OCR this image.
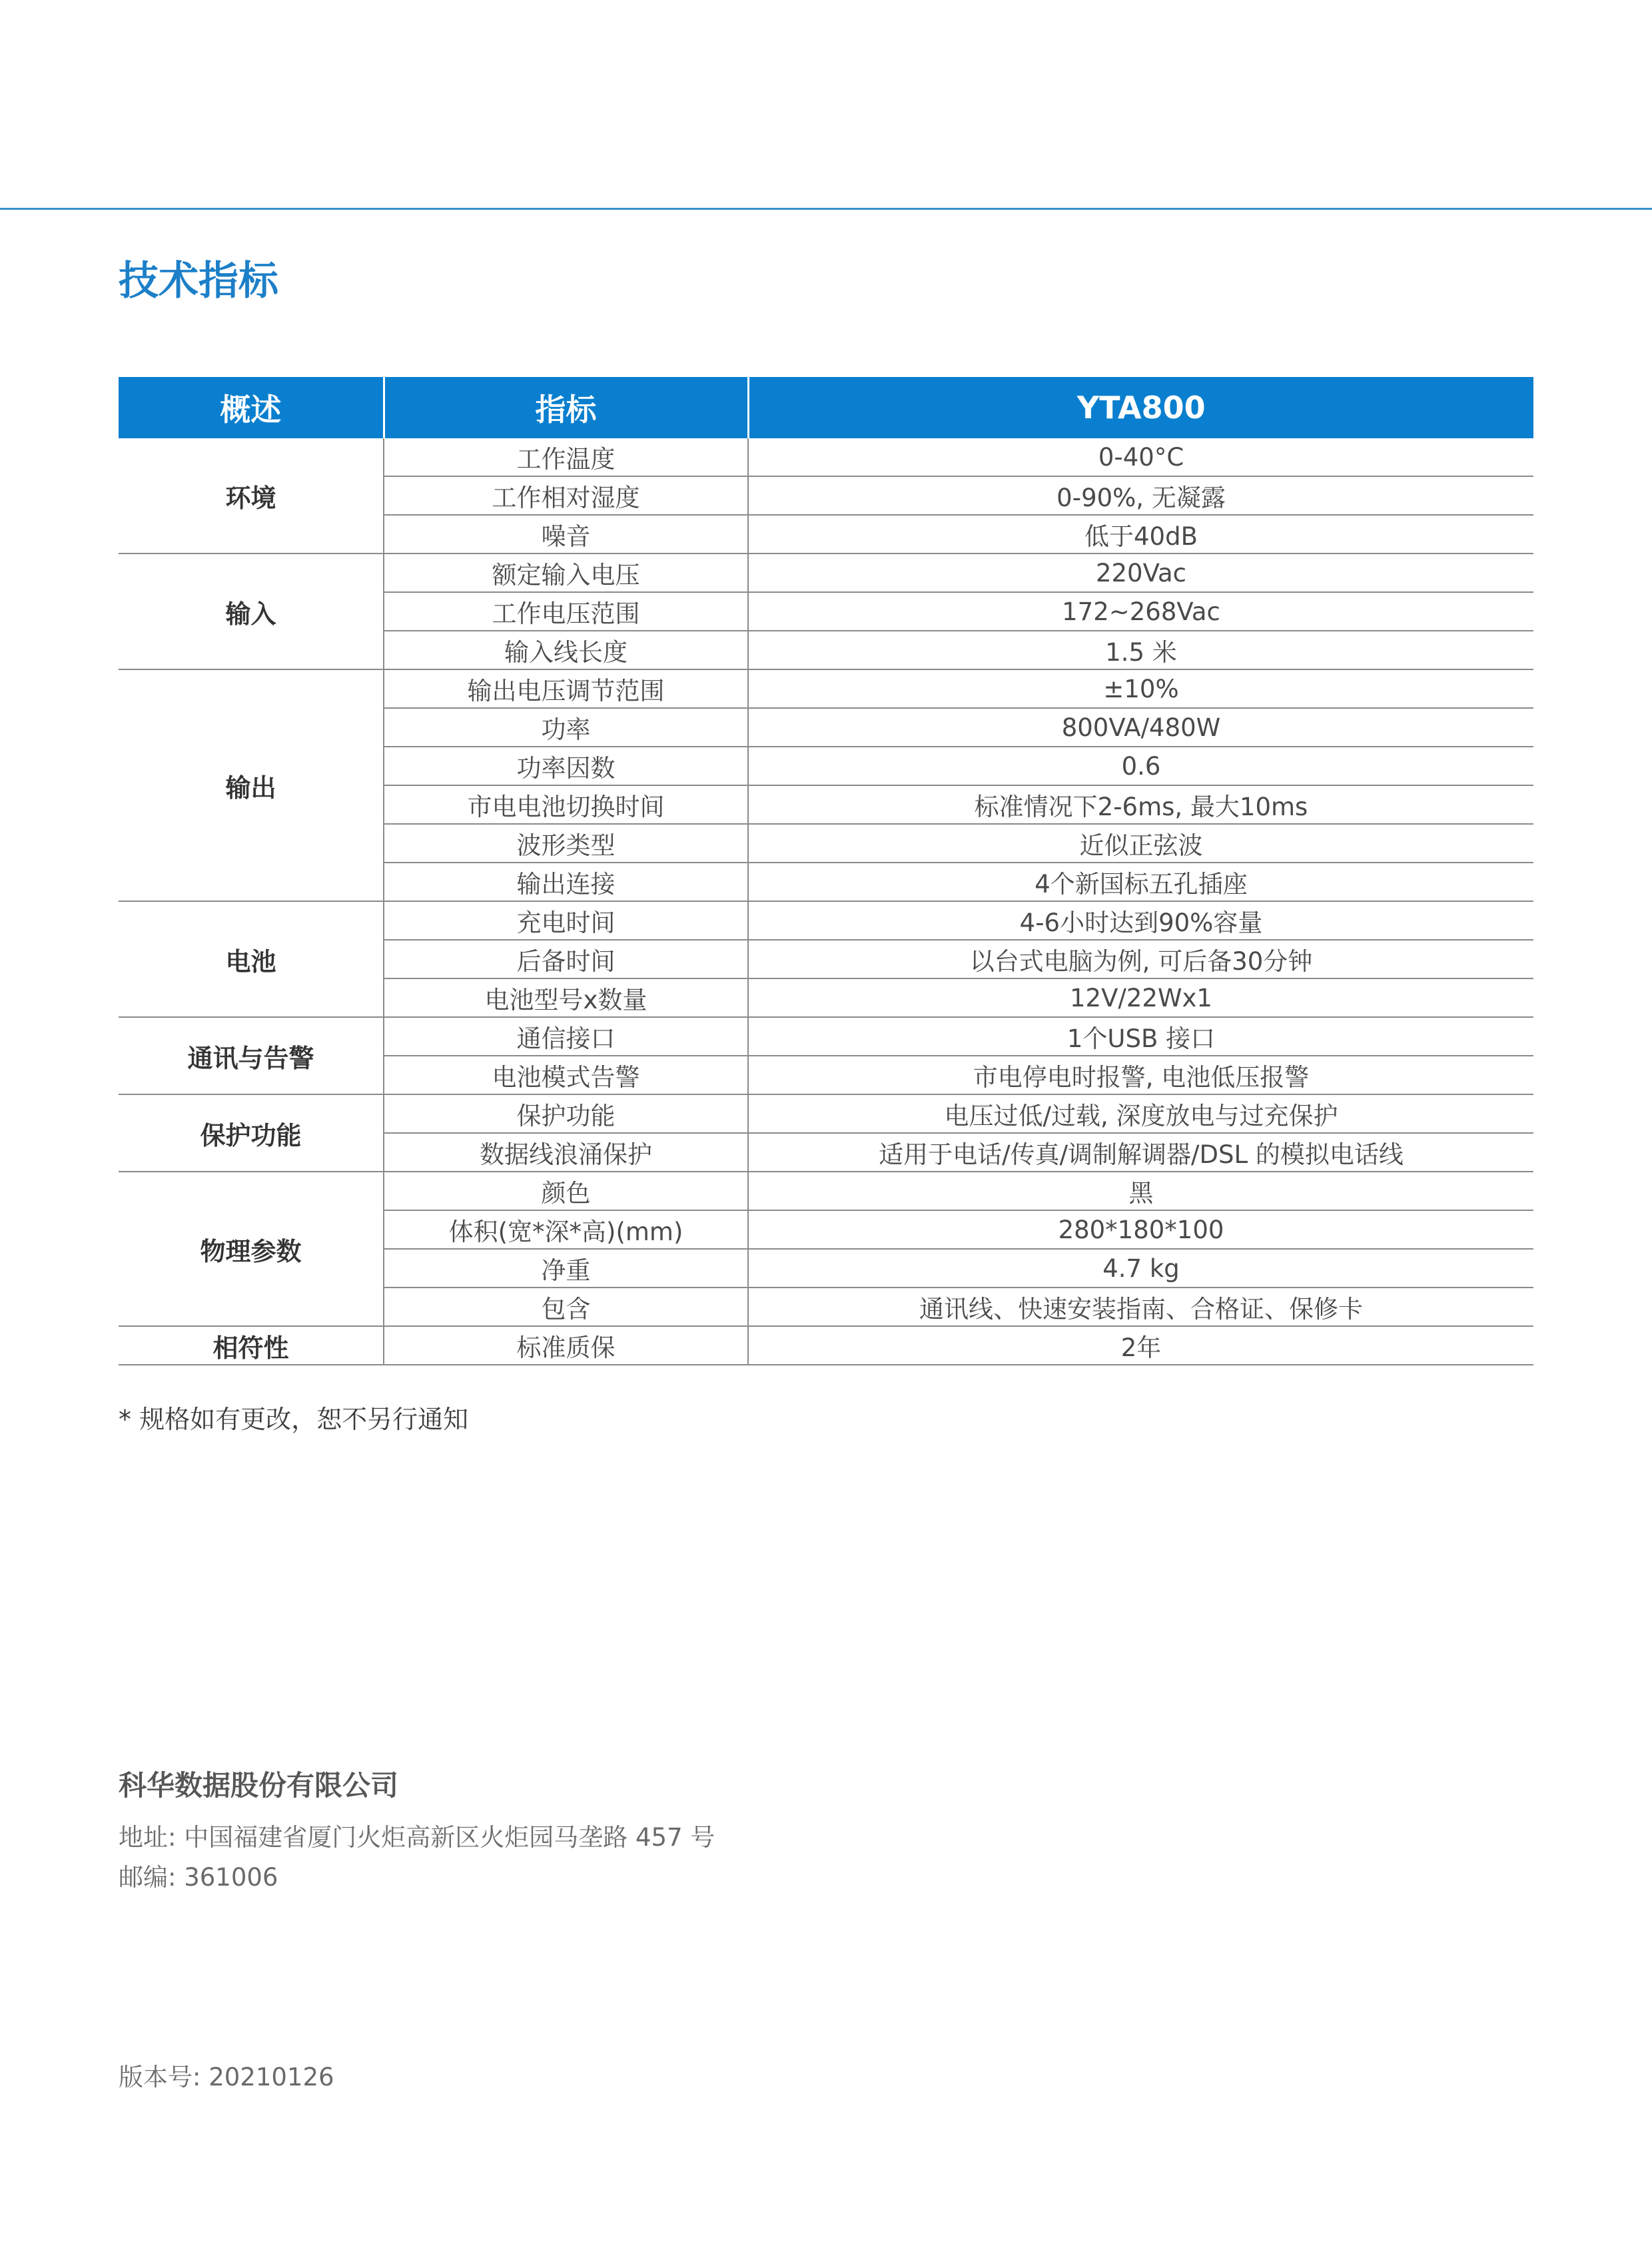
技术指标
概述	指标	YTA800
环境	工作温度	0-40°C
	工作相对湿度	0-90%, 无凝露
	噪音	低于40dB
输入	额定输入电压	220Vac
	工作电压范围	172~268Vac
	输入线长度	1.5 米
输出	输出电压调节范围	±10%
	功率	800VA/480W
	功率因数	0.6
	市电电池切换时间	标准情况下2-6ms, 最大10ms
	波形类型	近似正弦波
	输出连接	4个新国标五孔插座
电池	充电时间	4-6小时达到90%容量
	后备时间	以台式电脑为例, 可后备30分钟
	电池型号x数量	12V/22Wx1
通讯与告警	通信接口	1个USB 接口
	电池模式告警	市电停电时报警, 电池低压报警
保护功能	保护功能	电压过低/过载, 深度放电与过充保护
	数据线浪涌保护	适用于电话/传真/调制解调器/DSL 的模拟电话线
物理参数	颜色	黑
	体积(宽*深*高)(mm)	280*180*100
	净重	4.7 kg
	包含	通讯线、快速安装指南、合格证、保修卡
相符性	标准质保	2年
* 规格如有更改，恕不另行通知
科华数据股份有限公司
地址: 中国福建省厦门火炬高新区火炬园马垄路 457 号
邮编: 361006
版本号: 20210126
